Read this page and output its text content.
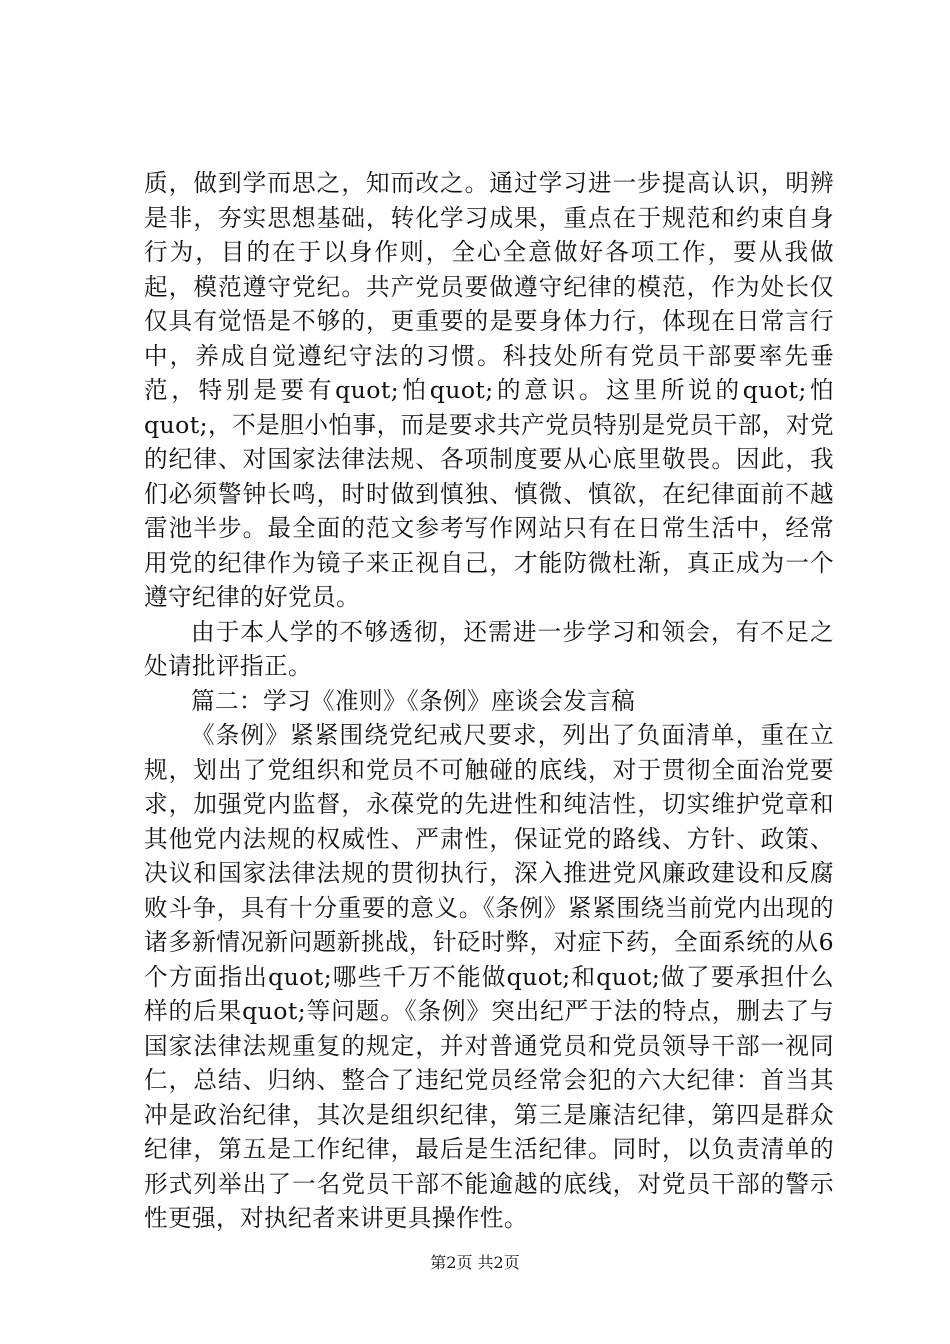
质，做到学而思之，知而改之。通过学习进一步提高认识，明辨是非，夯实思想基础，转化学习成果，重点在于规范和约束自身行为，目的在于以身作则，全心全意做好各项工作，要从我做起，模范遵守党纪。共产党员要做遵守纪律的模范，作为处长仅仅具有觉悟是不够的，更重要的是要身体力行，体现在日常言行中，养成自觉遵纪守法的习惯。科技处所有党员干部要率先垂范，特别是要有quot;怕quot;的意识。这里所说的quot;怕quot;，不是胆小怕事，而是要求共产党员特别是党员干部，对党的纪律、对国家法律法规、各项制度要从心底里敬畏。因此，我们必须警钟长鸣，时时做到慎独、慎微、慎欲，在纪律面前不越雷池半步。最全面的范文参考写作网站只有在日常生活中，经常用党的纪律作为镜子来正视自己，才能防微杜渐，真正成为一个遵守纪律的好党员。

由于本人学的不够透彻，还需进一步学习和领会，有不足之处请批评指正。

篇二：学习《准则》《条例》座谈会发言稿

《条例》紧紧围绕党纪戒尺要求，列出了负面清单，重在立规，划出了党组织和党员不可触碰的底线，对于贯彻全面治党要求，加强党内监督，永葆党的先进性和纯洁性，切实维护党章和其他党内法规的权威性、严肃性，保证党的路线、方针、政策、决议和国家法律法规的贯彻执行，深入推进党风廉政建设和反腐败斗争，具有十分重要的意义。《条例》紧紧围绕当前党内出现的诸多新情况新问题新挑战，针砭时弊，对症下药，全面系统的从6个方面指出quot;哪些千万不能做quot;和quot;做了要承担什么样的后果quot;等问题。《条例》突出纪严于法的特点，删去了与国家法律法规重复的规定，并对普通党员和党员领导干部一视同仁，总结、归纳、整合了违纪党员经常会犯的六大纪律：首当其冲是政治纪律，其次是组织纪律，第三是廉洁纪律，第四是群众纪律，第五是工作纪律，最后是生活纪律。同时，以负责清单的形式列举出了一名党员干部不能逾越的底线，对党员干部的警示性更强，对执纪者来讲更具操作性。

第2页 共2页
